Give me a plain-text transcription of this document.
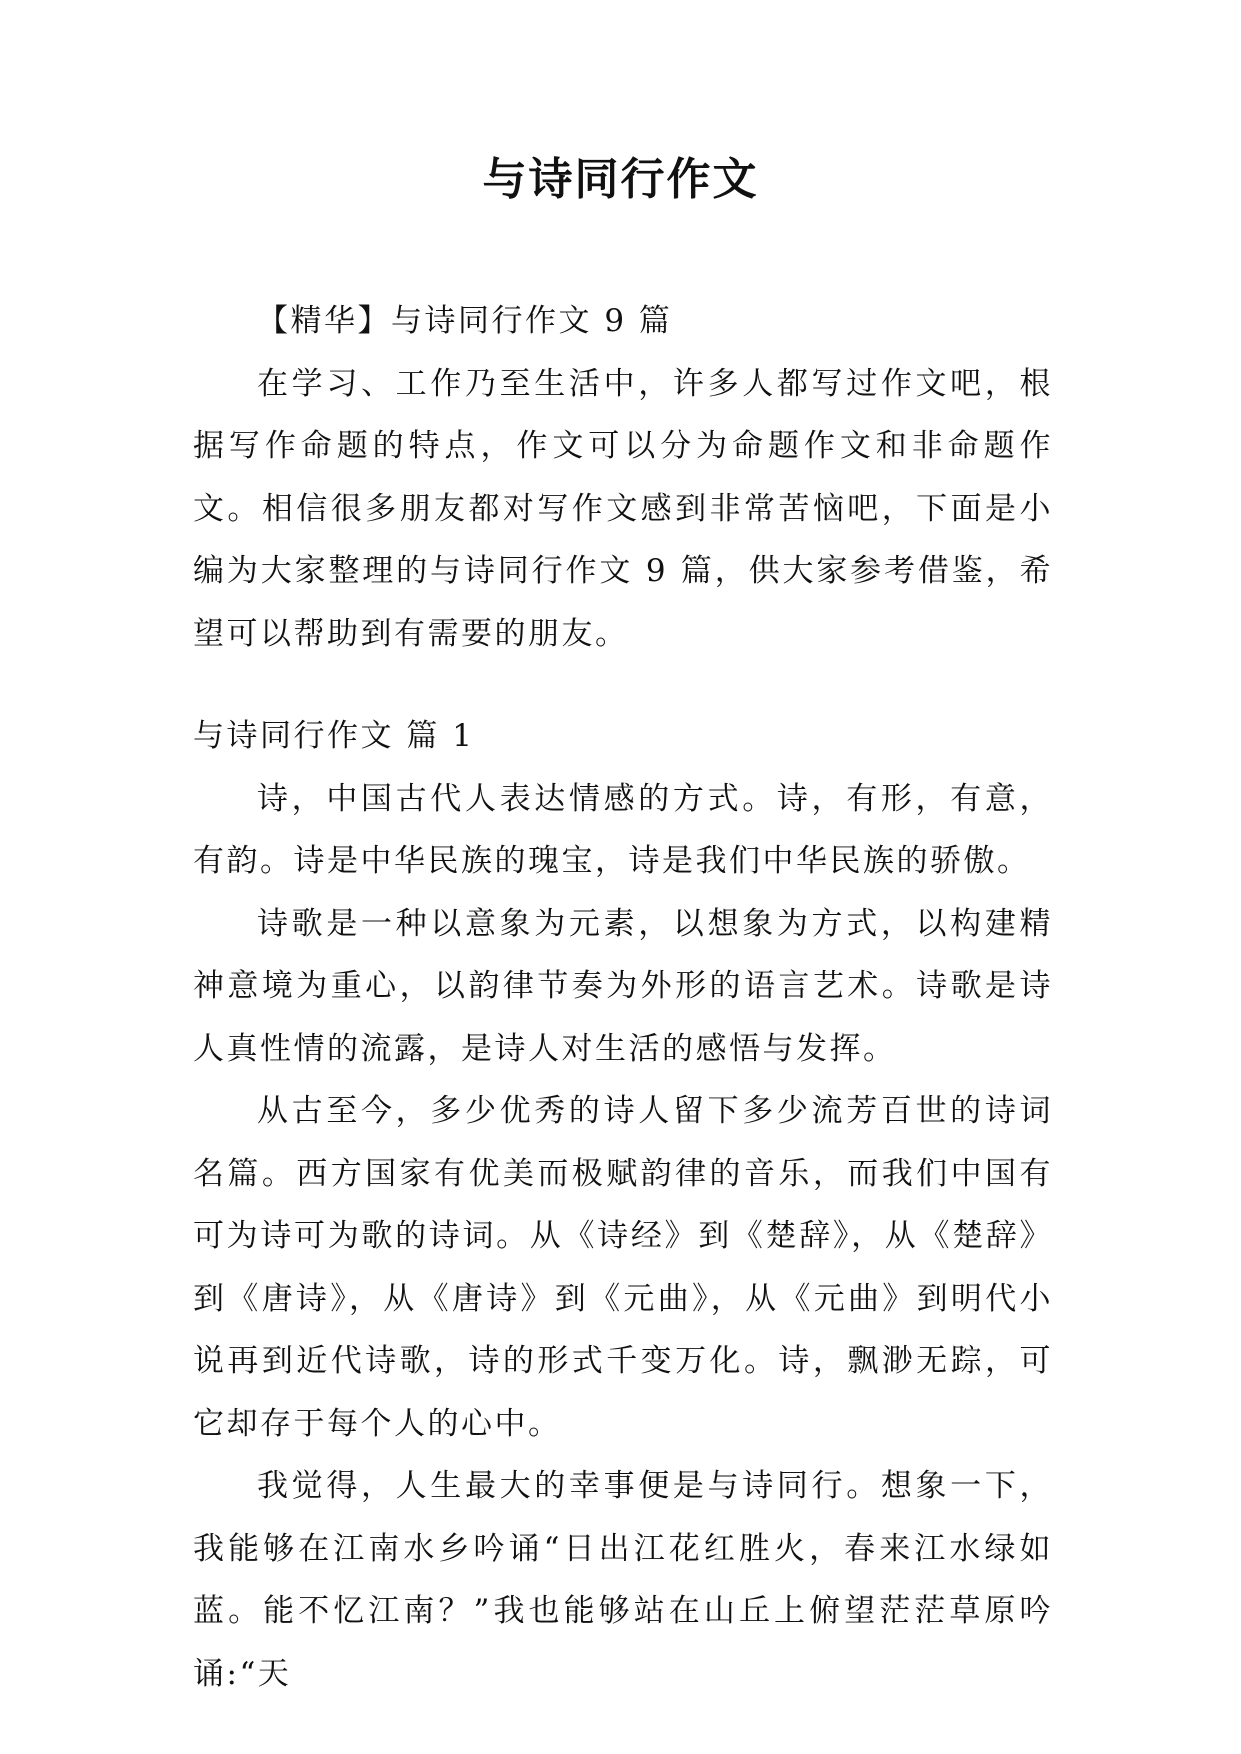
与诗同行作文

【精华】与诗同行作文 9 篇

在学习、工作乃至生活中，许多人都写过作文吧，根据写作命题的特点，作文可以分为命题作文和非命题作文。相信很多朋友都对写作文感到非常苦恼吧，下面是小编为大家整理的与诗同行作文 9 篇，供大家参考借鉴，希望可以帮助到有需要的朋友。

与诗同行作文 篇 1

诗，中国古代人表达情感的方式。诗，有形，有意，有韵。诗是中华民族的瑰宝，诗是我们中华民族的骄傲。

诗歌是一种以意象为元素，以想象为方式，以构建精神意境为重心，以韵律节奏为外形的语言艺术。诗歌是诗人真性情的流露，是诗人对生活的感悟与发挥。

从古至今，多少优秀的诗人留下多少流芳百世的诗词名篇。西方国家有优美而极赋韵律的音乐，而我们中国有可为诗可为歌的诗词。从《诗经》到《楚辞》，从《楚辞》到《唐诗》，从《唐诗》到《元曲》，从《元曲》到明代小说再到近代诗歌，诗的形式千变万化。诗，飘渺无踪，可它却存于每个人的心中。

我觉得，人生最大的幸事便是与诗同行。想象一下，我能够在江南水乡吟诵“日出江花红胜火，春来江水绿如蓝。能不忆江南？”我也能够站在山丘上俯望茫茫草原吟诵:“天
